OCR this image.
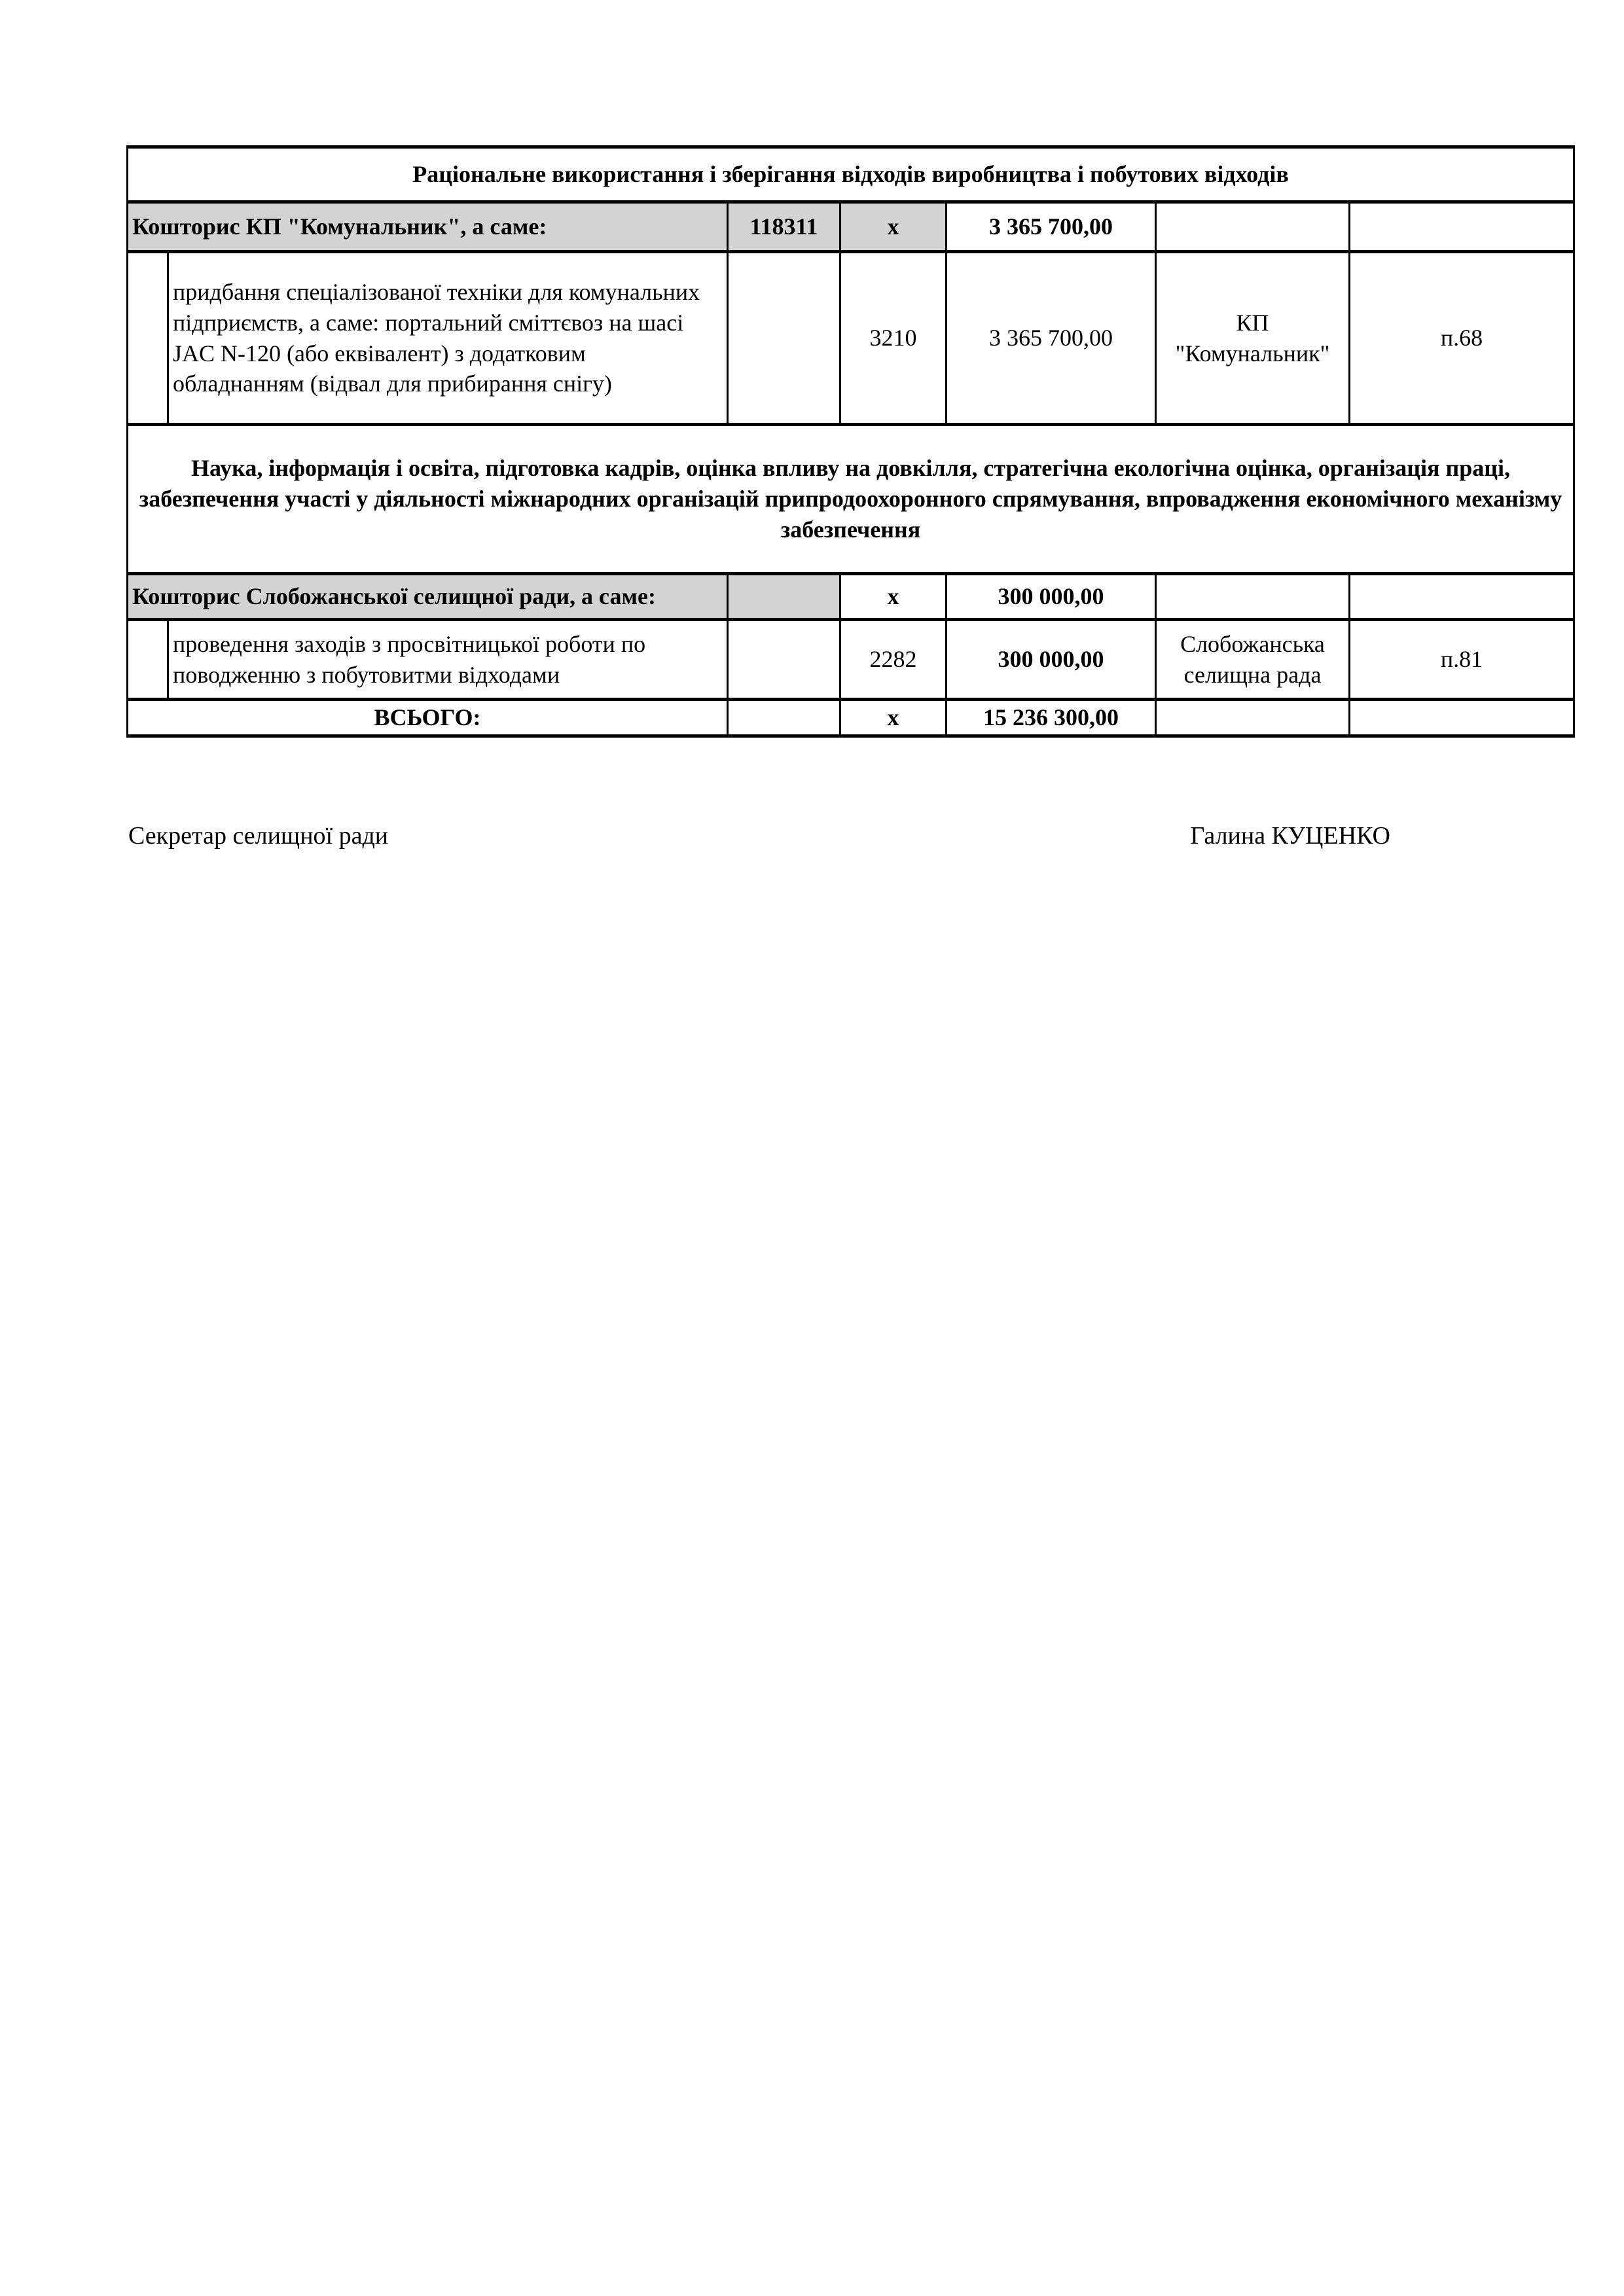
Раціональне використання і зберігання відходів виробництва і побутових відходів						
Кошторис КП "Комунальник", а саме:		118311	x	3 365 700,00		
	придбання спеціалізованої техніки для комунальних підприємств, а саме: портальний сміттєвоз на шасі JAC N-120 (або еквівалент) з додатковим обладнанням (відвал для прибирання снігу)		3210	3 365 700,00	КП "Комунальник"	п.68
Наука, інформація і освіта, підготовка кадрів, оцінка впливу на довкілля, стратегічна екологічна оцінка, організація праці, забезпечення участі у діяльності міжнародних організацій припродоохоронного спрямування, впровадження економічного механізму забезпечення						
Кошторис Слобожанської селищної ради, а саме:			x	300 000,00		
	проведення заходів з просвітницької роботи по поводженню з побутовитми відходами		2282	300 000,00	Слобожанська селищна рада	п.81
ВСЬОГО:			x	15 236 300,00		
Секретар селищної ради	Галина КУЦЕНКО
